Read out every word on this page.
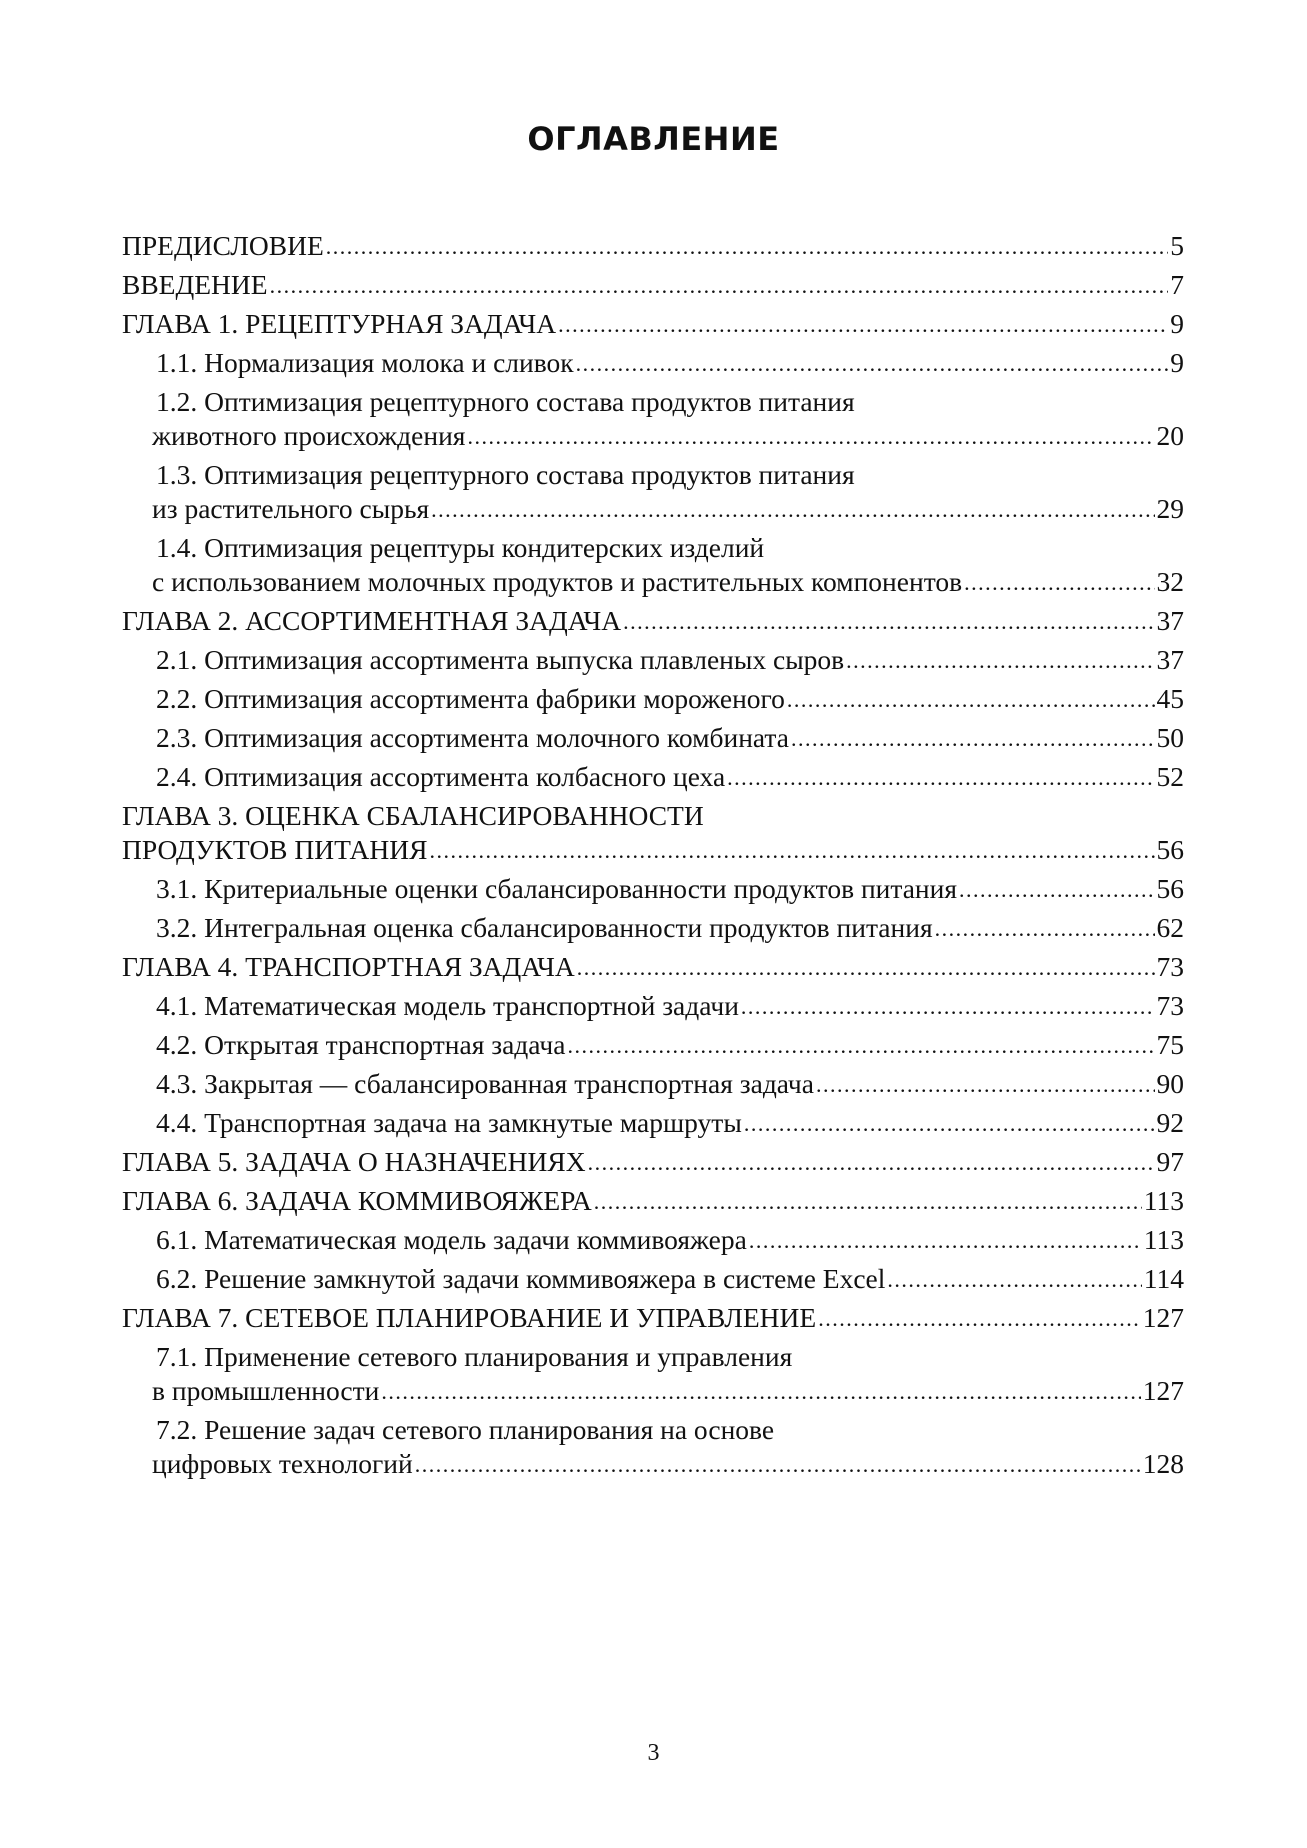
ОГЛАВЛЕНИЕ
ПРЕДИСЛОВИЕ .....	5
ВВЕДЕНИЕ .....	7
ГЛАВА 1. РЕЦЕПТУРНАЯ ЗАДАЧА .....	9
1.1. Нормализация молока и сливок .....	9
1.2. Оптимизация рецептурного состава продуктов питания
животного происхождения .....	20
1.3. Оптимизация рецептурного состава продуктов питания
из растительного сырья .....	29
1.4. Оптимизация рецептуры кондитерских изделий
с использованием молочных продуктов и растительных компонентов .....	32
ГЛАВА 2. АССОРТИМЕНТНАЯ ЗАДАЧА .....	37
2.1. Оптимизация ассортимента выпуска плавленых сыров .....	37
2.2. Оптимизация ассортимента фабрики мороженого .....	45
2.3. Оптимизация ассортимента молочного комбината .....	50
2.4. Оптимизация ассортимента колбасного цеха .....	52
ГЛАВА 3. ОЦЕНКА СБАЛАНСИРОВАННОСТИ
ПРОДУКТОВ ПИТАНИЯ .....	56
3.1. Критериальные оценки сбалансированности продуктов питания .....	56
3.2. Интегральная оценка сбалансированности продуктов питания .....	62
ГЛАВА 4. ТРАНСПОРТНАЯ ЗАДАЧА .....	73
4.1. Математическая модель транспортной задачи .....	73
4.2. Открытая транспортная задача .....	75
4.3. Закрытая — сбалансированная транспортная задача .....	90
4.4. Транспортная задача на замкнутые маршруты .....	92
ГЛАВА 5. ЗАДАЧА О НАЗНАЧЕНИЯХ .....	97
ГЛАВА 6. ЗАДАЧА КОММИВОЯЖЕРА .....	113
6.1. Математическая модель задачи коммивояжера .....	113
6.2. Решение замкнутой задачи коммивояжера в системе Excel .....	114
ГЛАВА 7. СЕТЕВОЕ ПЛАНИРОВАНИЕ И УПРАВЛЕНИЕ .....	127
7.1. Применение сетевого планирования и управления
в промышленности .....	127
7.2. Решение задач сетевого планирования на основе
цифровых технологий .....	128
3
